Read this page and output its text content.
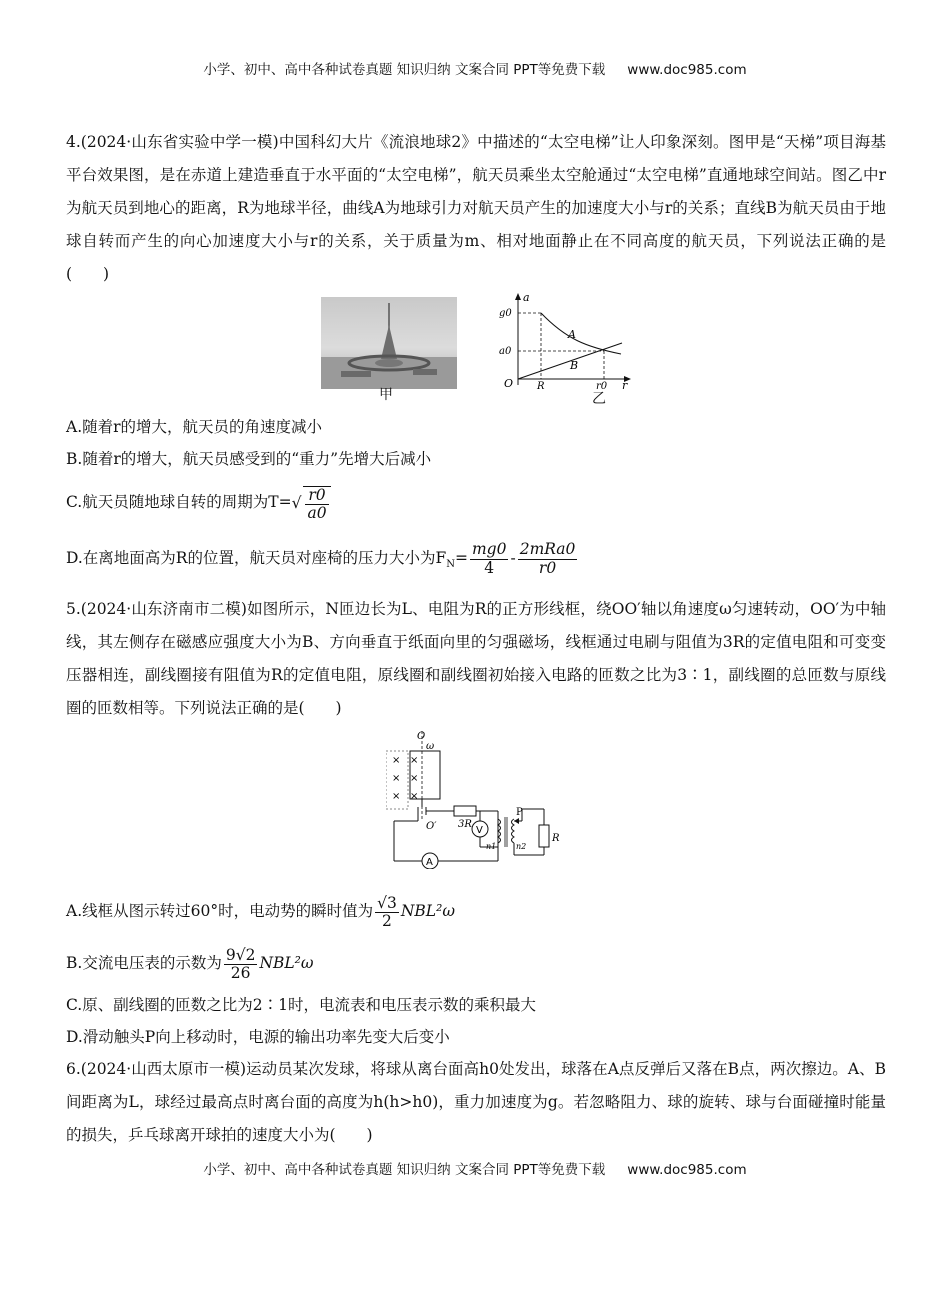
小学、初中、高中各种试卷真题 知识归纳 文案合同 PPT等免费下载 www.doc985.com

4.(2024·山东省实验中学一模)中国科幻大片《流浪地球2》中描述的“太空电梯”让人印象深刻。图甲是“天梯”项目海基平台效果图，是在赤道上建造垂直于水平面的“太空电梯”，航天员乘坐太空舱通过“太空电梯”直通地球空间站。图乙中r为航天员到地心的距离，R为地球半径，曲线A为地球引力对航天员产生的加速度大小与r的关系；直线B为航天员由于地球自转而产生的向心加速度大小与r的关系，关于质量为m、相对地面静止在不同高度的航天员，下列说法正确的是(　　)

甲
a
g0
a0
O R	r0 r
A
B
乙

A.随着r的增大，航天员的角速度减小

B.随着r的增大，航天员感受到的“重力”先增大后减小

C.航天员随地球自转的周期为$T=√ \frac{r0}{a0}$

D.在离地面高为R的位置，航天员对座椅的压力大小为$F_N= \frac{mg0}{4} - \frac{\text{2mRa0}}{r0}$

5.(2024·山东济南市二模)如图所示，N匝边长为L、电阻为R的正方形线框，绕OO′轴以角速度ω匀速转动，OO′为中轴线，其左侧存在磁感应强度大小为B、方向垂直于纸面向里的匀强磁场，线框通过电刷与阻值为3R的定值电阻和可变变压器相连，副线圈接有阻值为R的定值电阻，原线圈和副线圈初始接入电路的匝数之比为3∶1，副线圈的总匝数与原线圈的匝数相等。下列说法正确的是(　　)

× ×
× ×
× ×
A
V
P
O
ω
O′ 3R
R
n1 n2

A.线框从图示转过60°时，电动势的瞬时值为 $\frac{√3}{2} NBL^2\omega$

B.交流电压表的示数为 $\frac{9√2}{26} NBL^2\omega$

C.原、副线圈的匝数之比为2∶1时，电流表和电压表示数的乘积最大

D.滑动触头P向上移动时，电源的输出功率先变大后变小

6.(2024·山西太原市一模)运动员某次发球，将球从离台面高h0处发出，球落在A点反弹后又落在B点，两次擦边。A、B间距离为L，球经过最高点时离台面的高度为h(h>h0)，重力加速度为g。若忽略阻力、球的旋转、球与台面碰撞时能量的损失，乒乓球离开球拍的速度大小为(　　)

小学、初中、高中各种试卷真题 知识归纳 文案合同 PPT等免费下载 www.doc985.com
